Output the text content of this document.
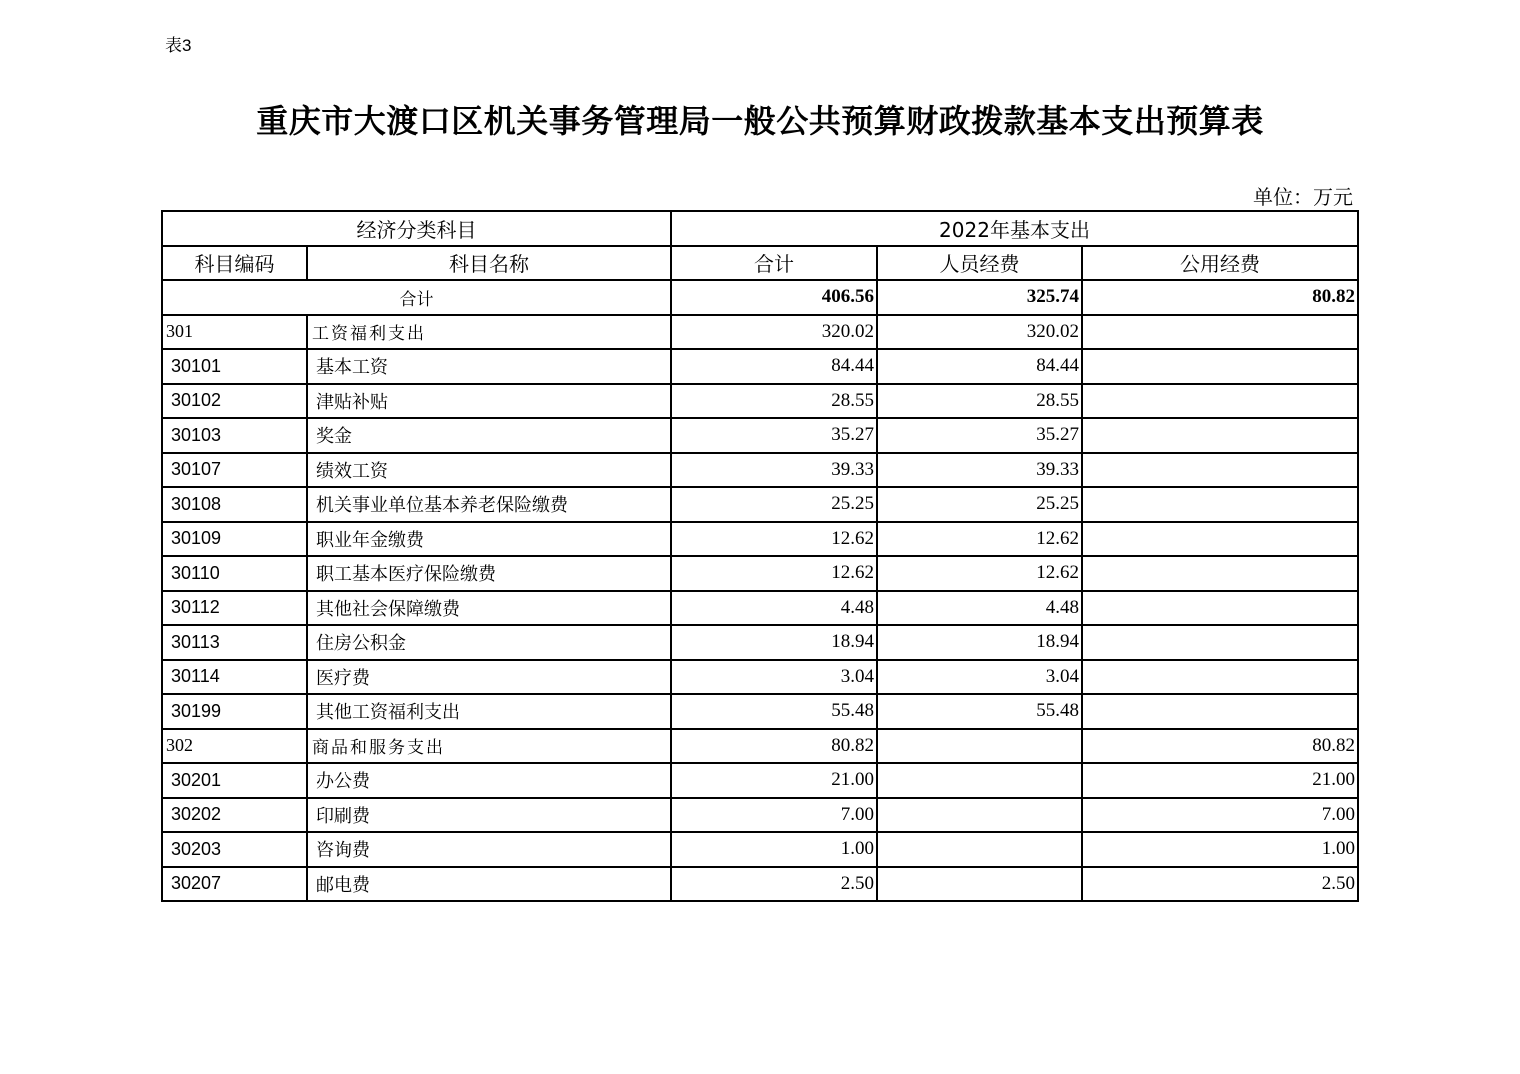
表3
重庆市大渡口区机关事务管理局一般公共预算财政拨款基本支出预算表
单位：万元
经济分类科目		2022年基本支出		
科目编码	科目名称	合计	人员经费	公用经费
合计		406.56	325.74	80.82
301	工资福利支出	320.02	320.02	
30101	基本工资	84.44	84.44	
30102	津贴补贴	28.55	28.55	
30103	奖金	35.27	35.27	
30107	绩效工资	39.33	39.33	
30108	机关事业单位基本养老保险缴费	25.25	25.25	
30109	职业年金缴费	12.62	12.62	
30110	职工基本医疗保险缴费	12.62	12.62	
30112	其他社会保障缴费	4.48	4.48	
30113	住房公积金	18.94	18.94	
30114	医疗费	3.04	3.04	
30199	其他工资福利支出	55.48	55.48	
302	商品和服务支出	80.82		80.82
30201	办公费	21.00		21.00
30202	印刷费	7.00		7.00
30203	咨询费	1.00		1.00
30207	邮电费	2.50		2.50
